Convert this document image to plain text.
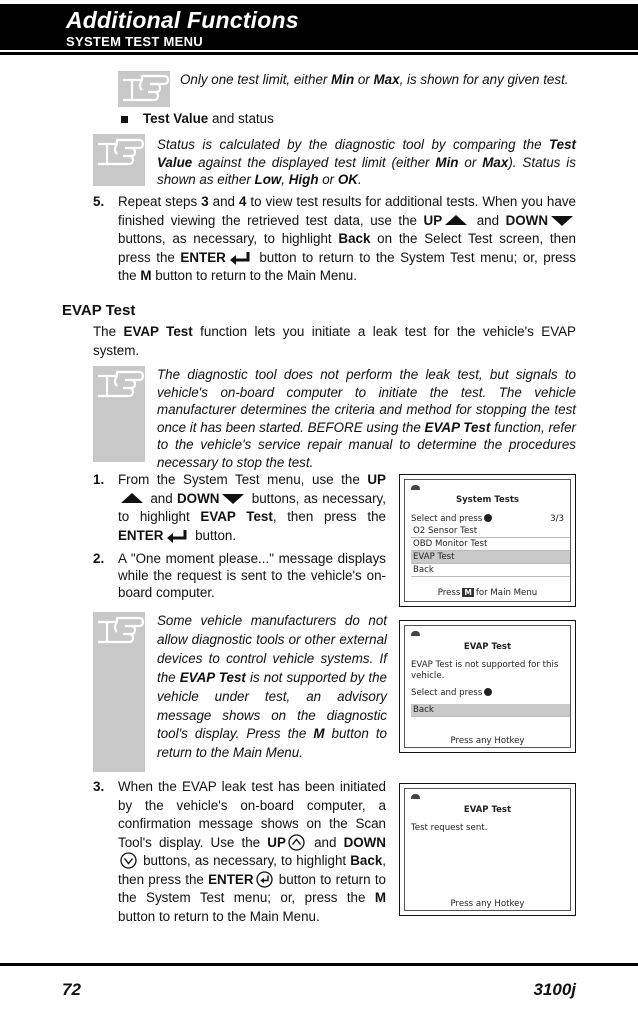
Additional Functions
SYSTEM TEST MENU
Only one test limit, either Min or Max, is shown for any given test.
Test Value and status
Status is calculated by the diagnostic tool by comparing the Test Value against the displayed test limit (either Min or Max). Status is shown as either Low, High or OK.
5. Repeat steps 3 and 4 to view test results for additional tests. When you have finished viewing the retrieved test data, use the UP and DOWN buttons, as necessary, to highlight Back on the Select Test screen, then press the ENTER button to return to the System Test menu; or, press the M button to return to the Main Menu.
EVAP Test
The EVAP Test function lets you initiate a leak test for the vehicle's EVAP system.
The diagnostic tool does not perform the leak test, but signals to vehicle's on-board computer to initiate the test. The vehicle manufacturer determines the criteria and method for stopping the test once it has been started. BEFORE using the EVAP Test function, refer to the vehicle's service repair manual to determine the procedures necessary to stop the test.
1. From the System Test menu, use the UP and DOWN buttons, as necessary, to highlight EVAP Test, then press the ENTER button.
2. A "One moment please..." message displays while the request is sent to the vehicle's on-board computer.
Some vehicle manufacturers do not allow diagnostic tools or other external devices to control vehicle systems. If the EVAP Test is not supported by the vehicle under test, an advisory message shows on the diagnostic tool's display. Press the M button to return to the Main Menu.
3. When the EVAP leak test has been initiated by the vehicle's on-board computer, a confirmation message shows on the Scan Tool's display. Use the UP and DOWN buttons, as necessary, to highlight Back, then press the ENTER button to return to the System Test menu; or, press the M button to return to the Main Menu.
System Tests
Select and press	3/3
O2 Sensor Test
OBD Monitor Test
EVAP Test
Back
Press M for Main Menu
EVAP Test
EVAP Test is not supported for this vehicle.
Select and press
Back
Press any Hotkey
EVAP Test
Test request sent.
Press any Hotkey
72	3100j
